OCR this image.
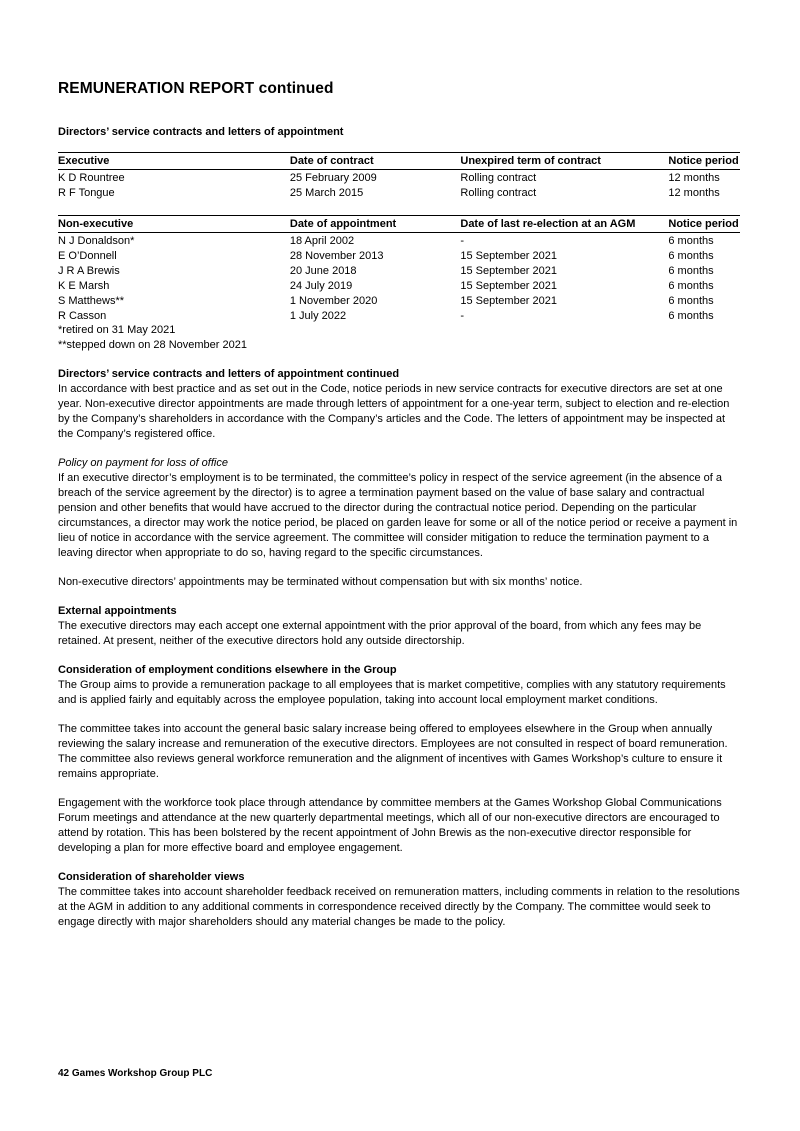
REMUNERATION REPORT continued
Directors’ service contracts and letters of appointment
Executive	Date of contract	Unexpired term of contract	Notice period
K D Rountree	25 February 2009	Rolling contract	12 months
R F Tongue	25 March 2015	Rolling contract	12 months
Non-executive	Date of appointment	Date of last re-election at an AGM	Notice period
N J Donaldson*	18 April 2002	-	6 months
E O’Donnell	28 November 2013	15 September 2021	6 months
J R A Brewis	20 June 2018	15 September 2021	6 months
K E Marsh	24 July 2019	15 September 2021	6 months
S Matthews**	1 November 2020	15 September 2021	6 months
R Casson	1 July 2022	-	6 months
*retired on 31 May 2021
**stepped down on 28 November 2021
Directors’ service contracts and letters of appointment continued

In accordance with best practice and as set out in the Code, notice periods in new service contracts for executive directors are set at one year. Non-executive director appointments are made through letters of appointment for a one-year term, subject to election and re-election by the Company’s shareholders in accordance with the Company’s articles and the Code. The letters of appointment may be inspected at the Company’s registered office.

Policy on payment for loss of office

If an executive director’s employment is to be terminated, the committee’s policy in respect of the service agreement (in the absence of a breach of the service agreement by the director) is to agree a termination payment based on the value of base salary and contractual pension and other benefits that would have accrued to the director during the contractual notice period. Depending on the particular circumstances, a director may work the notice period, be placed on garden leave for some or all of the notice period or receive a payment in lieu of notice in accordance with the service agreement. The committee will consider mitigation to reduce the termination payment to a leaving director when appropriate to do so, having regard to the specific circumstances.

Non-executive directors’ appointments may be terminated without compensation but with six months’ notice.

External appointments

The executive directors may each accept one external appointment with the prior approval of the board, from which any fees may be retained. At present, neither of the executive directors hold any outside directorship.

Consideration of employment conditions elsewhere in the Group

The Group aims to provide a remuneration package to all employees that is market competitive, complies with any statutory requirements and is applied fairly and equitably across the employee population, taking into account local employment market conditions.

The committee takes into account the general basic salary increase being offered to employees elsewhere in the Group when annually reviewing the salary increase and remuneration of the executive directors. Employees are not consulted in respect of board remuneration. The committee also reviews general workforce remuneration and the alignment of incentives with Games Workshop’s culture to ensure it remains appropriate.

Engagement with the workforce took place through attendance by committee members at the Games Workshop Global Communications Forum meetings and attendance at the new quarterly departmental meetings, which all of our non-executive directors are encouraged to attend by rotation. This has been bolstered by the recent appointment of John Brewis as the non-executive director responsible for developing a plan for more effective board and employee engagement.

Consideration of shareholder views

The committee takes into account shareholder feedback received on remuneration matters, including comments in relation to the resolutions at the AGM in addition to any additional comments in correspondence received directly by the Company. The committee would seek to engage directly with major shareholders should any material changes be made to the policy.

42 Games Workshop Group PLC
